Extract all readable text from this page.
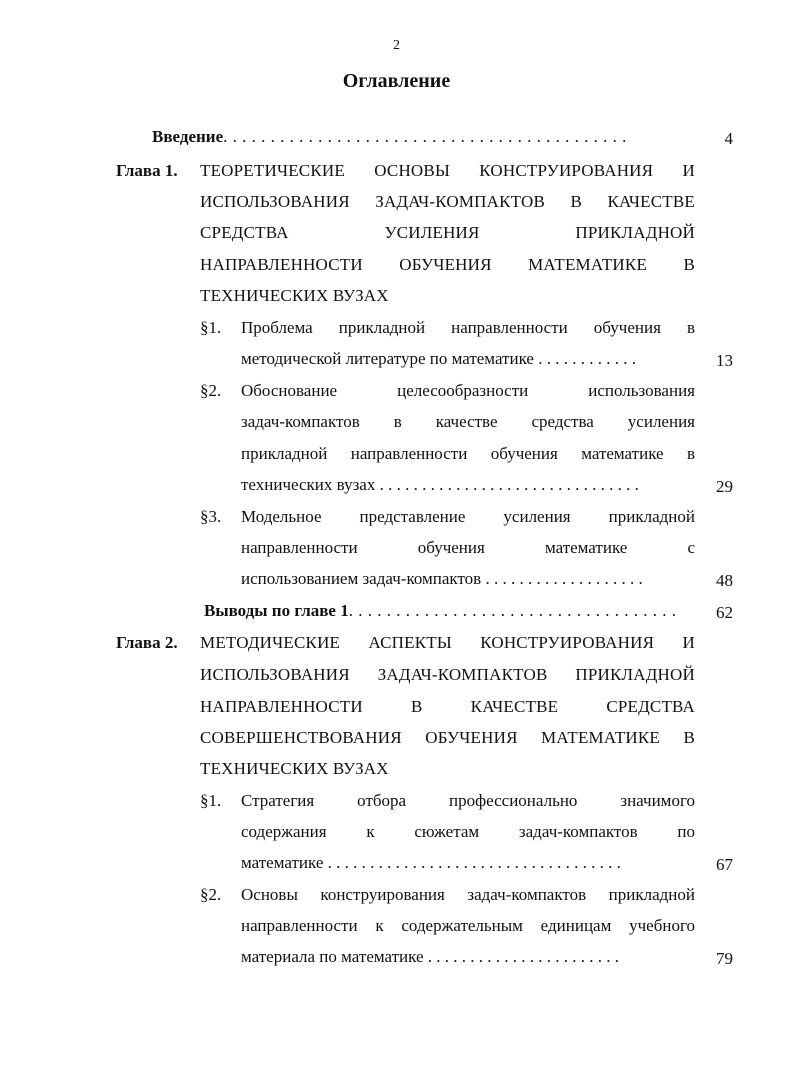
2
Оглавление
Введение. . . . . . . . . . . . . . . . . . . . . . . . . . . . . . . . . . . . . . . . . . .	4
Глава 1. ТЕОРЕТИЧЕСКИЕ ОСНОВЫ КОНСТРУИРОВАНИЯ И
ИСПОЛЬЗОВАНИЯ ЗАДАЧ-КОМПАКТОВ В КАЧЕСТВЕ
СРЕДСТВА УСИЛЕНИЯ ПРИКЛАДНОЙ
НАПРАВЛЕННОСТИ ОБУЧЕНИЯ МАТЕМАТИКЕ В
ТЕХНИЧЕСКИХ ВУЗАХ
§1. Проблема прикладной направленности обучения в
методической литературе по математике . . . . . . . . . . . .	13
§2. Обоснование целесообразности использования
задач-компактов в качестве средства усиления
прикладной направленности обучения математике в
технических вузах . . . . . . . . . . . . . . . . . . . . . . . . . . . . . . .	29
§3. Модельное представление усиления прикладной
направленности обучения математике с
использованием задач-компактов . . . . . . . . . . . . . . . . . . .	48
Выводы по главе 1. . . . . . . . . . . . . . . . . . . . . . . . . . . . . . . . . . . 62
Глава 2. МЕТОДИЧЕСКИЕ АСПЕКТЫ КОНСТРУИРОВАНИЯ И
ИСПОЛЬЗОВАНИЯ ЗАДАЧ-КОМПАКТОВ ПРИКЛАДНОЙ
НАПРАВЛЕННОСТИ В КАЧЕСТВЕ СРЕДСТВА
СОВЕРШЕНСТВОВАНИЯ ОБУЧЕНИЯ МАТЕМАТИКЕ В
ТЕХНИЧЕСКИХ ВУЗАХ
§1. Стратегия отбора профессионально значимого
содержания к сюжетам задач-компактов по
математике . . . . . . . . . . . . . . . . . . . . . . . . . . . . . . . . . . .	67
§2. Основы конструирования задач-компактов прикладной
направленности к содержательным единицам учебного
материала по математике . . . . . . . . . . . . . . . . . . . . . . .	79
